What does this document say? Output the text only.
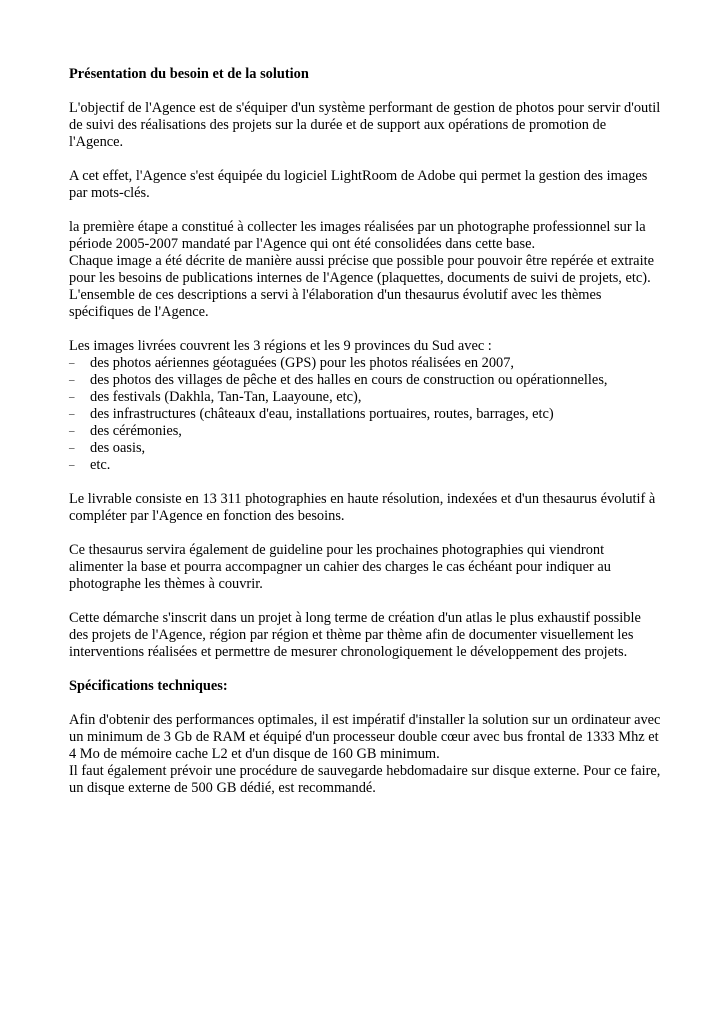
Présentation du besoin et de la solution

L'objectif de l'Agence est de s'équiper d'un système performant de gestion de photos pour servir d'outil de suivi des réalisations des projets sur la durée et de support aux opérations de promotion de l'Agence.

A cet effet, l'Agence s'est équipée du logiciel LightRoom de Adobe qui permet la gestion des images par mots-clés.

la première étape a constitué à collecter les images réalisées par un photographe professionnel sur la période 2005-2007 mandaté par l'Agence qui ont été consolidées dans cette base.

Chaque image a été décrite de manière aussi précise que possible pour pouvoir être repérée et extraite pour les besoins de publications internes de l'Agence (plaquettes, documents de suivi de projets, etc).

L'ensemble de ces descriptions a servi à l'élaboration d'un thesaurus évolutif avec les thèmes spécifiques de l'Agence.

Les images livrées couvrent les 3 régions et les 9 provinces du Sud avec :

– des photos aériennes géotaguées (GPS) pour les photos réalisées en 2007,
– des photos des villages de pêche et des halles en cours de construction ou opérationnelles,
– des festivals (Dakhla, Tan-Tan, Laayoune, etc),
– des infrastructures (châteaux d'eau, installations portuaires, routes, barrages, etc)
– des cérémonies,
– des oasis,
– etc.

Le livrable consiste en 13 311 photographies en haute résolution, indexées et d'un thesaurus évolutif à compléter par l'Agence en fonction des besoins.

Ce thesaurus servira également de guideline pour les prochaines photographies qui viendront alimenter la base et pourra accompagner un cahier des charges le cas échéant pour indiquer au photographe les thèmes à couvrir.

Cette démarche s'inscrit dans un projet à long terme de création d'un atlas le plus exhaustif possible des projets de l'Agence, région par région et thème par thème afin de documenter visuellement les interventions réalisées et permettre de mesurer chronologiquement le développement des projets.

Spécifications techniques:

Afin d'obtenir des performances optimales, il est impératif d'installer la solution sur un ordinateur avec un minimum de 3 Gb de RAM et équipé d'un processeur double cœur avec bus frontal de 1333 Mhz et 4 Mo de mémoire cache L2 et d'un disque de 160 GB minimum.

Il faut également prévoir une procédure de sauvegarde hebdomadaire sur disque externe. Pour ce faire, un disque externe de 500 GB dédié, est recommandé.
